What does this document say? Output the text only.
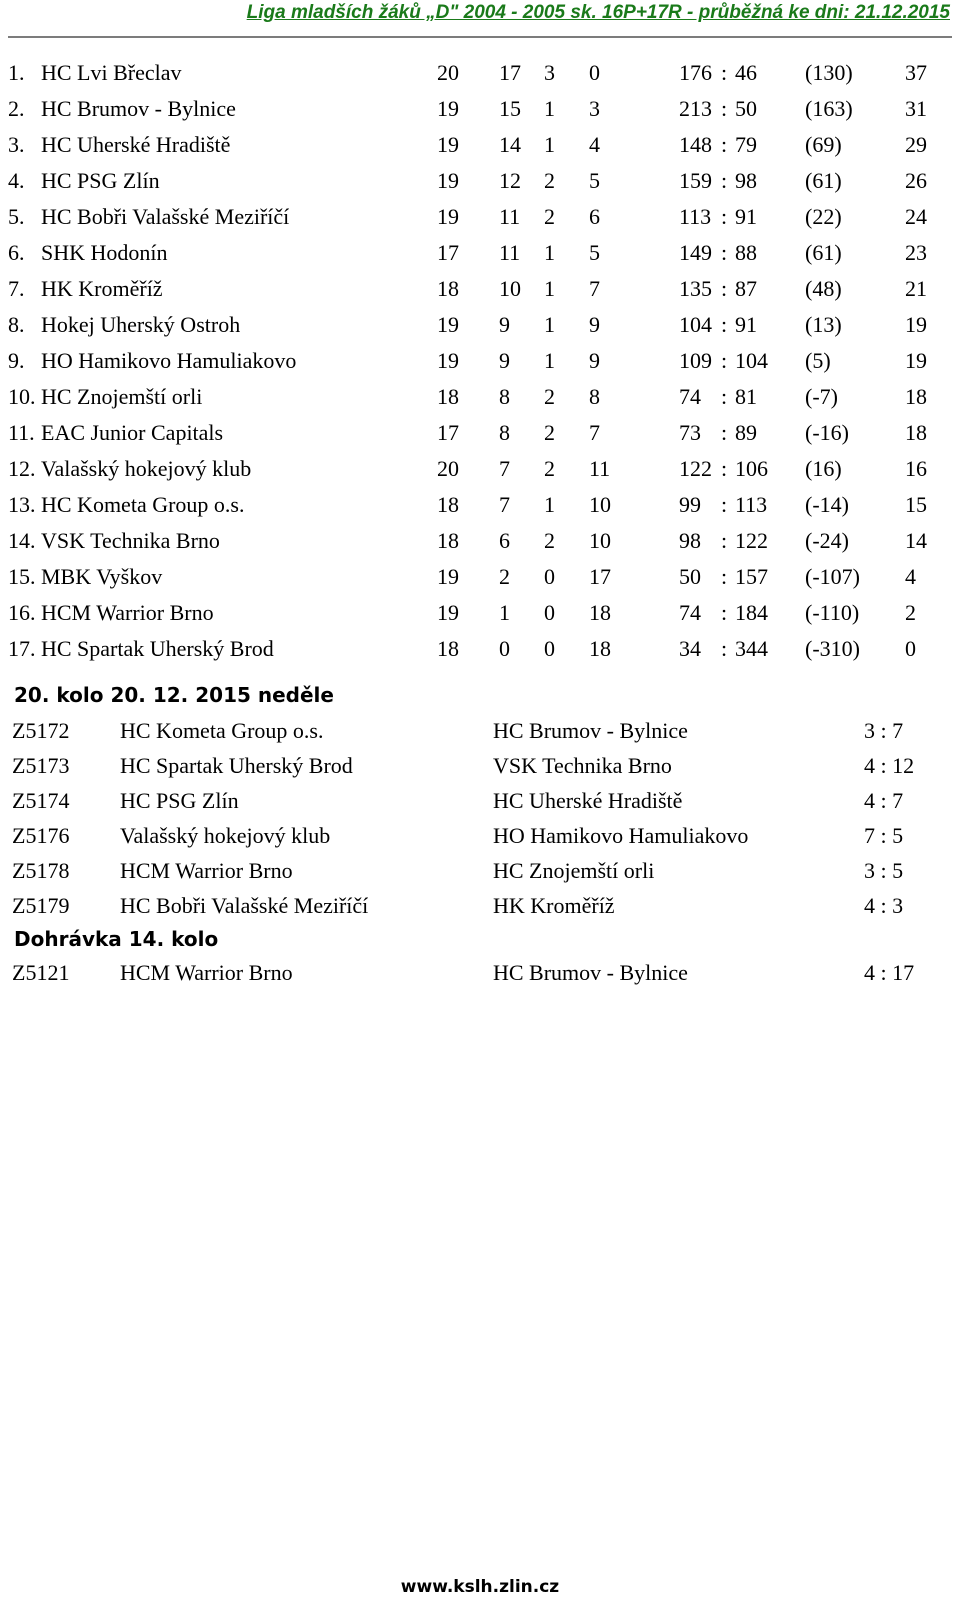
Liga mladších žáků „D" 2004 - 2005 sk. 16P+17R - průběžná ke dni: 21.12.2015
1. HC Lvi Břeclav	20 17 3 0	176 : 46 (130) 37
2. HC Brumov - Bylnice	19 15 1 3	213 : 50 (163) 31
3. HC Uherské Hradiště	19 14 1 4	148 : 79 (69)	29
4. HC PSG Zlín	19 12 2 5	159 : 98 (61)	26
5. HC Bobři Valašské Meziříčí	19 11 2 6	113 : 91 (22)	24
6. SHK Hodonín	17 11 1 5	149 : 88 (61)	23
7. HK Kroměříž	18 10 1 7	135 : 87 (48)	21
8. Hokej Uherský Ostroh	19 9 1 9	104 : 91 (13)	19
9. HO Hamikovo Hamuliakovo	19 9 1 9	109 : 104 (5)	19
10. HC Znojemští orli	18 8 2 8	74 : 81 (-7)	18
11. EAC Junior Capitals	17 8 2 7	73 : 89 (-16)	18
12. Valašský hokejový klub	20 7 2 11	122 : 106 (16)	16
13. HC Kometa Group o.s.	18 7 1 10	99 : 113 (-14)	15
14. VSK Technika Brno	18 6 2 10	98 : 122 (-24)	14
15. MBK Vyškov	19 2 0 17	50 : 157 (-107) 4
16. HCM Warrior Brno	19 1 0 18	74 : 184 (-110) 2
17. HC Spartak Uherský Brod	18 0 0 18	34 : 344 (-310) 0
20. kolo 20. 12. 2015 neděle
Z5172 HC Kometa Group o.s.	HC Brumov - Bylnice	3 : 7
Z5173 HC Spartak Uherský Brod	VSK Technika Brno	4 : 12
Z5174 HC PSG Zlín	HC Uherské Hradiště	4 : 7
Z5176 Valašský hokejový klub	HO Hamikovo Hamuliakovo	7 : 5
Z5178 HCM Warrior Brno	HC Znojemští orli	3 : 5
Z5179 HC Bobři Valašské Meziříčí	HK Kroměříž	4 : 3
Dohrávka 14. kolo
Z5121 HCM Warrior Brno	HC Brumov - Bylnice	4 : 17
www.kslh.zlin.cz
